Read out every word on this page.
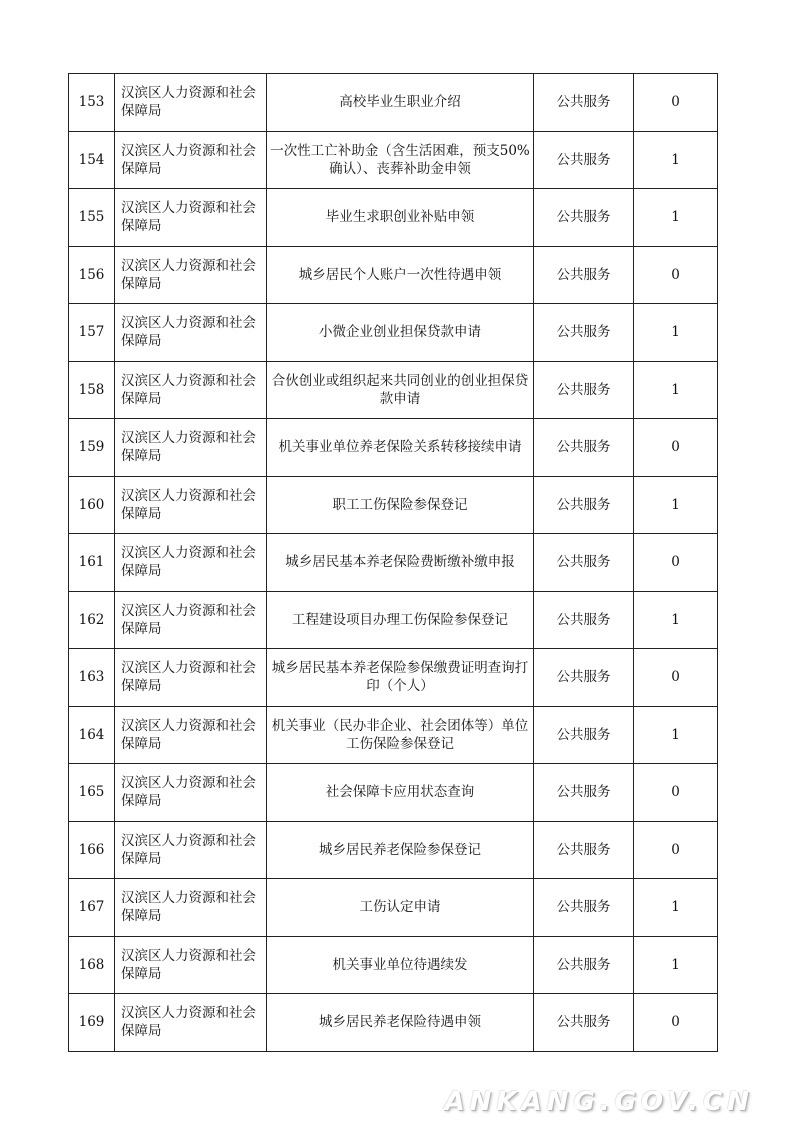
153	汉滨区人力资源和社会保障局	高校毕业生职业介绍	公共服务	0
154	汉滨区人力资源和社会保障局	一次性工亡补助金（含生活困难，预支50%确认）、丧葬补助金申领	公共服务	1
155	汉滨区人力资源和社会保障局	毕业生求职创业补贴申领	公共服务	1
156	汉滨区人力资源和社会保障局	城乡居民个人账户一次性待遇申领	公共服务	0
157	汉滨区人力资源和社会保障局	小微企业创业担保贷款申请	公共服务	1
158	汉滨区人力资源和社会保障局	合伙创业或组织起来共同创业的创业担保贷款申请	公共服务	1
159	汉滨区人力资源和社会保障局	机关事业单位养老保险关系转移接续申请	公共服务	0
160	汉滨区人力资源和社会保障局	职工工伤保险参保登记	公共服务	1
161	汉滨区人力资源和社会保障局	城乡居民基本养老保险费断缴补缴申报	公共服务	0
162	汉滨区人力资源和社会保障局	工程建设项目办理工伤保险参保登记	公共服务	1
163	汉滨区人力资源和社会保障局	城乡居民基本养老保险参保缴费证明查询打印（个人）	公共服务	0
164	汉滨区人力资源和社会保障局	机关事业（民办非企业、社会团体等）单位工伤保险参保登记	公共服务	1
165	汉滨区人力资源和社会保障局	社会保障卡应用状态查询	公共服务	0
166	汉滨区人力资源和社会保障局	城乡居民养老保险参保登记	公共服务	0
167	汉滨区人力资源和社会保障局	工伤认定申请	公共服务	1
168	汉滨区人力资源和社会保障局	机关事业单位待遇续发	公共服务	1
169	汉滨区人力资源和社会保障局	城乡居民养老保险待遇申领	公共服务	0
ANKANG.GOV.CN
